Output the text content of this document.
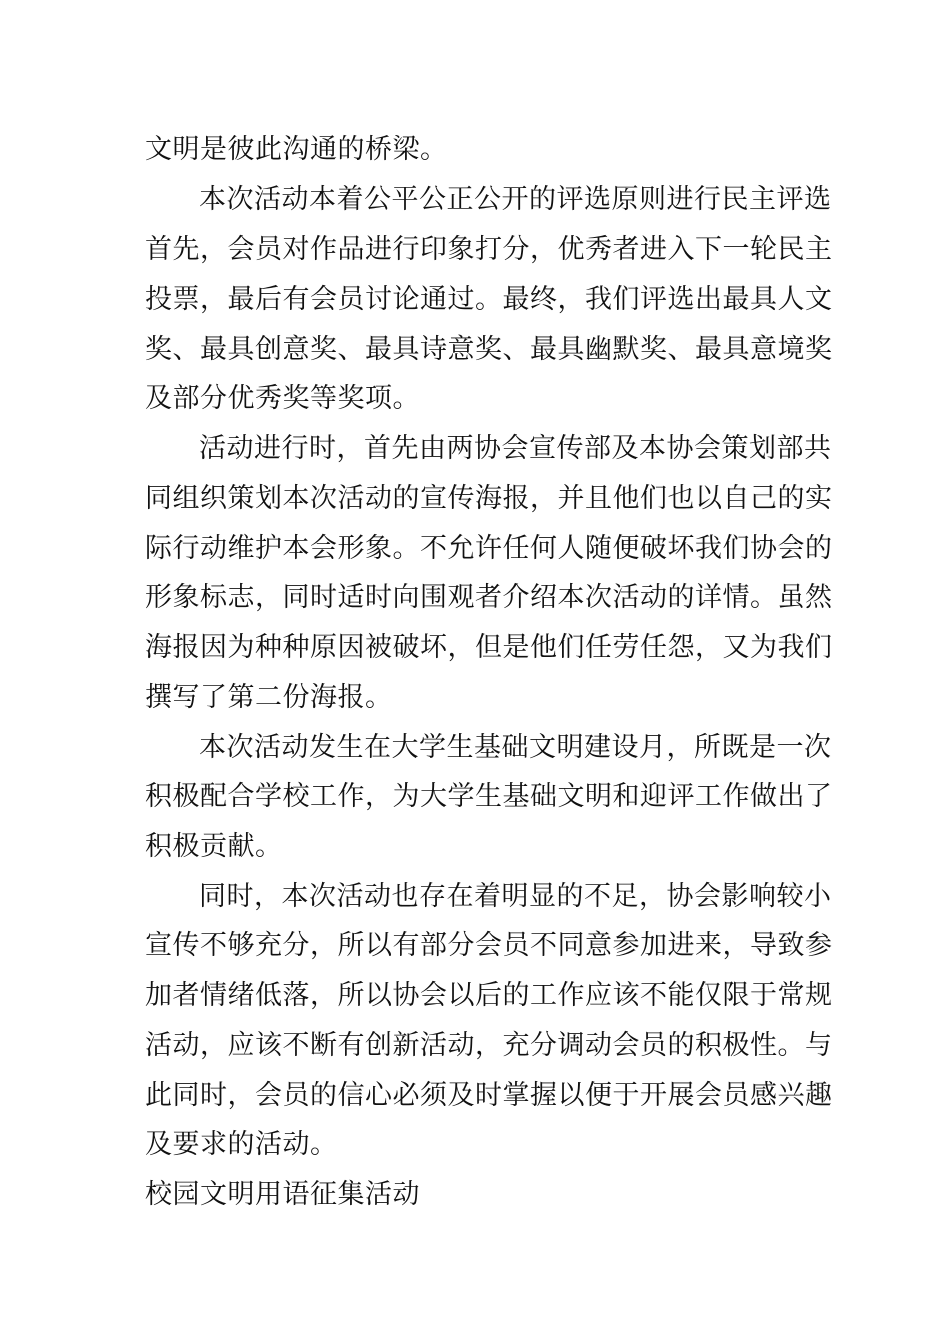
文明是彼此沟通的桥梁。

本次活动本着公平公正公开的评选原则进行民主评选

首先，会员对作品进行印象打分，优秀者进入下一轮民主

投票，最后有会员讨论通过。最终，我们评选出最具人文

奖、最具创意奖、最具诗意奖、最具幽默奖、最具意境奖

及部分优秀奖等奖项。

活动进行时，首先由两协会宣传部及本协会策划部共

同组织策划本次活动的宣传海报，并且他们也以自己的实

际行动维护本会形象。不允许任何人随便破坏我们协会的

形象标志，同时适时向围观者介绍本次活动的详情。虽然

海报因为种种原因被破坏，但是他们任劳任怨，又为我们

撰写了第二份海报。

本次活动发生在大学生基础文明建设月，所既是一次

积极配合学校工作，为大学生基础文明和迎评工作做出了

积极贡献。

同时，本次活动也存在着明显的不足，协会影响较小

宣传不够充分，所以有部分会员不同意参加进来，导致参

加者情绪低落，所以协会以后的工作应该不能仅限于常规

活动，应该不断有创新活动，充分调动会员的积极性。与

此同时，会员的信心必须及时掌握以便于开展会员感兴趣

及要求的活动。

校园文明用语征集活动
